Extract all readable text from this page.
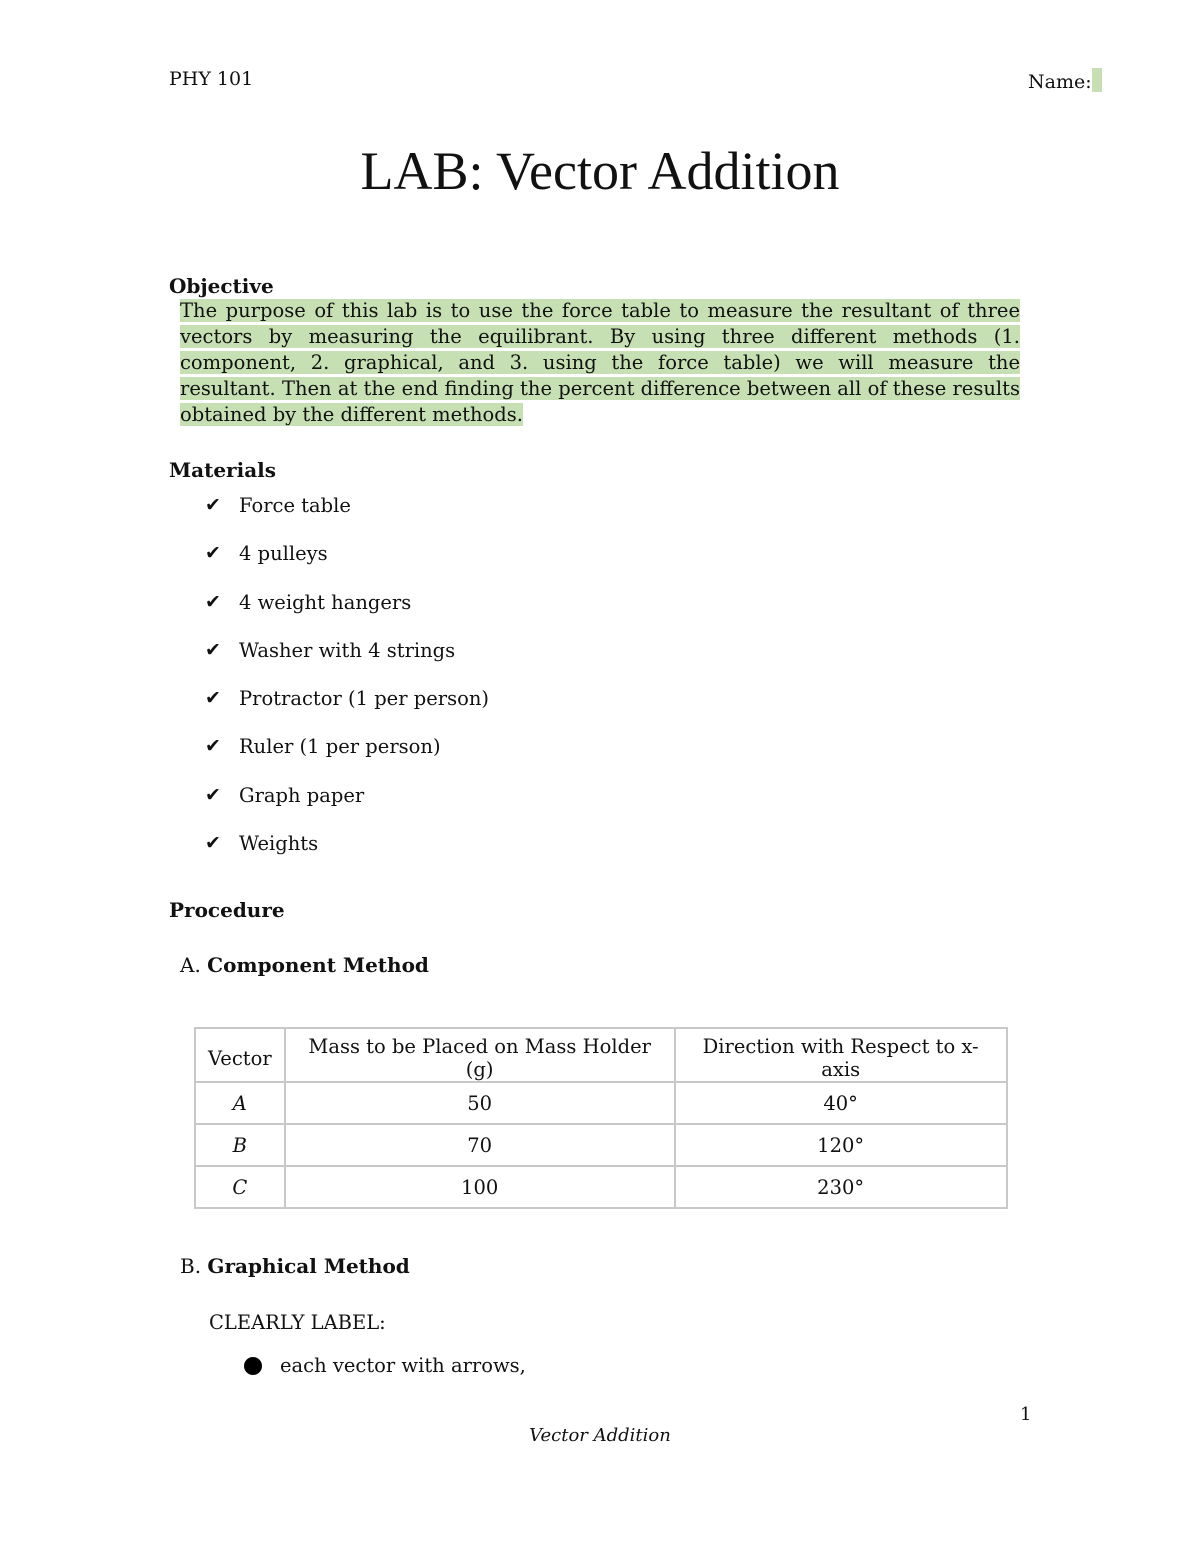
PHY 101	Name:
LAB: Vector Addition
Objective
The purpose of this lab is to use the force table to measure the resultant of three vectors by measuring the equilibrant. By using three different methods (1. component, 2. graphical, and 3. using the force table) we will measure the resultant. Then at the end finding the percent difference between all of these results obtained by the different methods.
Materials
✔ Force table
✔ 4 pulleys
✔ 4 weight hangers
✔ Washer with 4 strings
✔ Protractor (1 per person)
✔ Ruler (1 per person)
✔ Graph paper
✔ Weights
Procedure
A. Component Method
Vector	Mass to be Placed on Mass Holder (g)	Direction with Respect to x-axis
A	50	40°
B	70	120°
C	100	230°
B. Graphical Method
CLEARLY LABEL:
each vector with arrows,
1
Vector Addition
